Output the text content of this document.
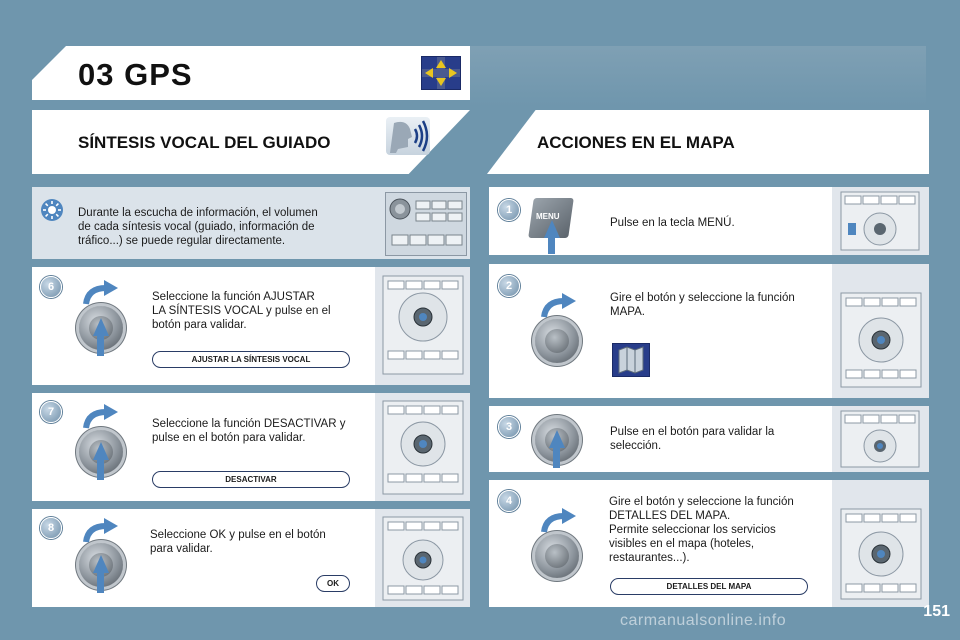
03 GPS
SÍNTESIS VOCAL DEL GUIADO	ACCIONES EN EL MAPA
Durante la escucha de información, el volumen
de cada síntesis vocal (guiado, información de
tráfico...) se puede regular directamente.
6
Seleccione la función AJUSTAR
LA SÍNTESIS VOCAL y pulse en el
botón para validar.
AJUSTAR LA SÍNTESIS VOCAL
7
Seleccione la función DESACTIVAR y
pulse en el botón para validar.
DESACTIVAR
8
Seleccione OK y pulse en el botón
para validar.
OK
1
MENU
Pulse en la tecla MENÚ.
2
Gire el botón y seleccione la función
MAPA.
3	Pulse en el botón para validar la
selección.
4	Gire el botón y seleccione la función
DETALLES DEL MAPA.
Permite seleccionar los servicios
visibles en el mapa (hoteles,
restaurantes...).
DETALLES DEL MAPA
151
carmanualsonline.info
